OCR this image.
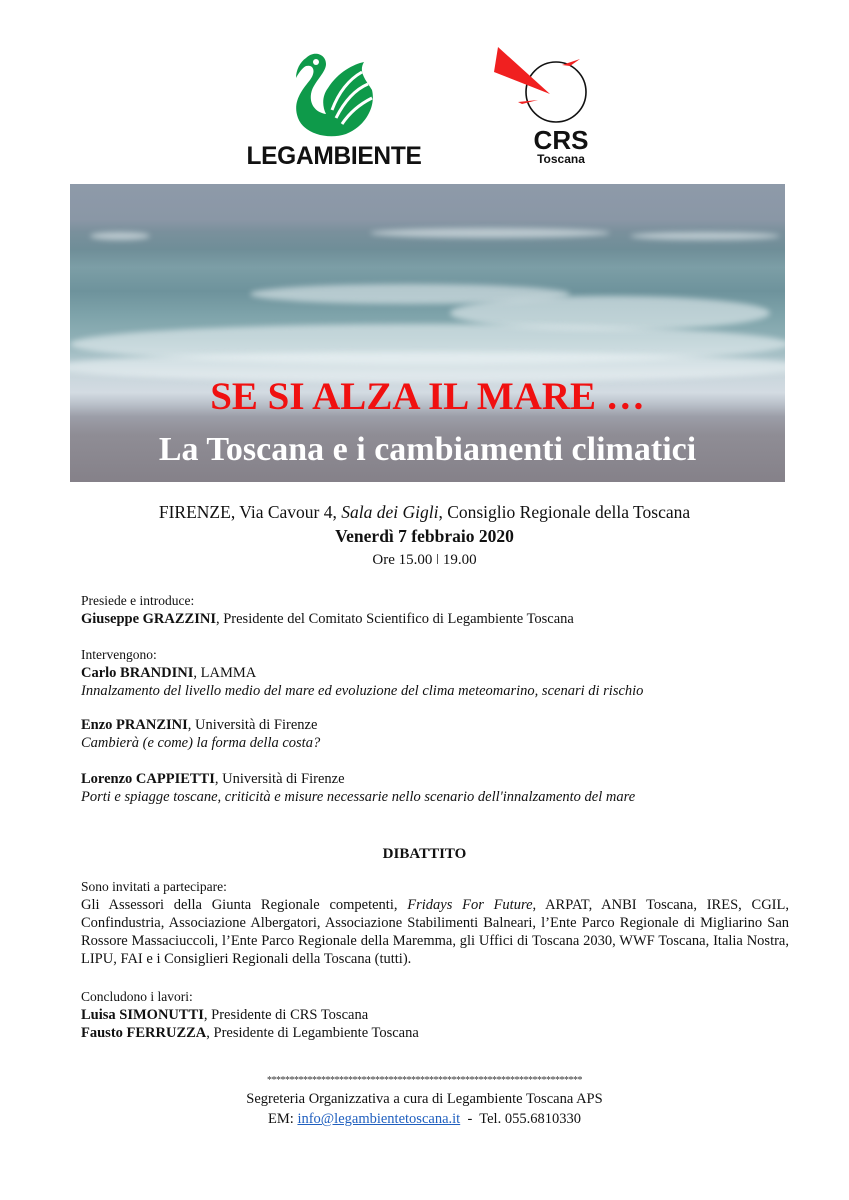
LEGAMBIENTE
CRS
Toscana
SE SI ALZA IL MARE …
La Toscana e i cambiamenti climatici
FIRENZE, Via Cavour 4, Sala dei Gigli, Consiglio Regionale della Toscana
Venerdì 7 febbraio 2020
Ore 15.00 ǀ 19.00
Presiede e introduce:
Giuseppe GRAZZINI, Presidente del Comitato Scientifico di Legambiente Toscana
Intervengono:
Carlo BRANDINI, LAMMA
Innalzamento del livello medio del mare ed evoluzione del clima meteomarino, scenari di rischio
Enzo PRANZINI, Università di Firenze
Cambierà (e come) la forma della costa?
Lorenzo CAPPIETTI, Università di Firenze
Porti e spiagge toscane, criticità e misure necessarie nello scenario dell'innalzamento del mare
DIBATTITO
Sono invitati a partecipare:
Gli Assessori della Giunta Regionale competenti, Fridays For Future, ARPAT, ANBI Toscana, IRES, CGIL, Confindustria, Associazione Albergatori, Associazione Stabilimenti Balneari, l’Ente Parco Regionale di Migliarino San Rossore Massaciuccoli, l’Ente Parco Regionale della Maremma, gli Uffici di Toscana 2030, WWF Toscana, Italia Nostra, LIPU, FAI e i Consiglieri Regionali della Toscana (tutti).
Concludono i lavori:
Luisa SIMONUTTI, Presidente di CRS Toscana
Fausto FERRUZZA, Presidente di Legambiente Toscana
**********************************************************************
Segreteria Organizzativa a cura di Legambiente Toscana APS
EM: info@legambientetoscana.it  -  Tel. 055.6810330
